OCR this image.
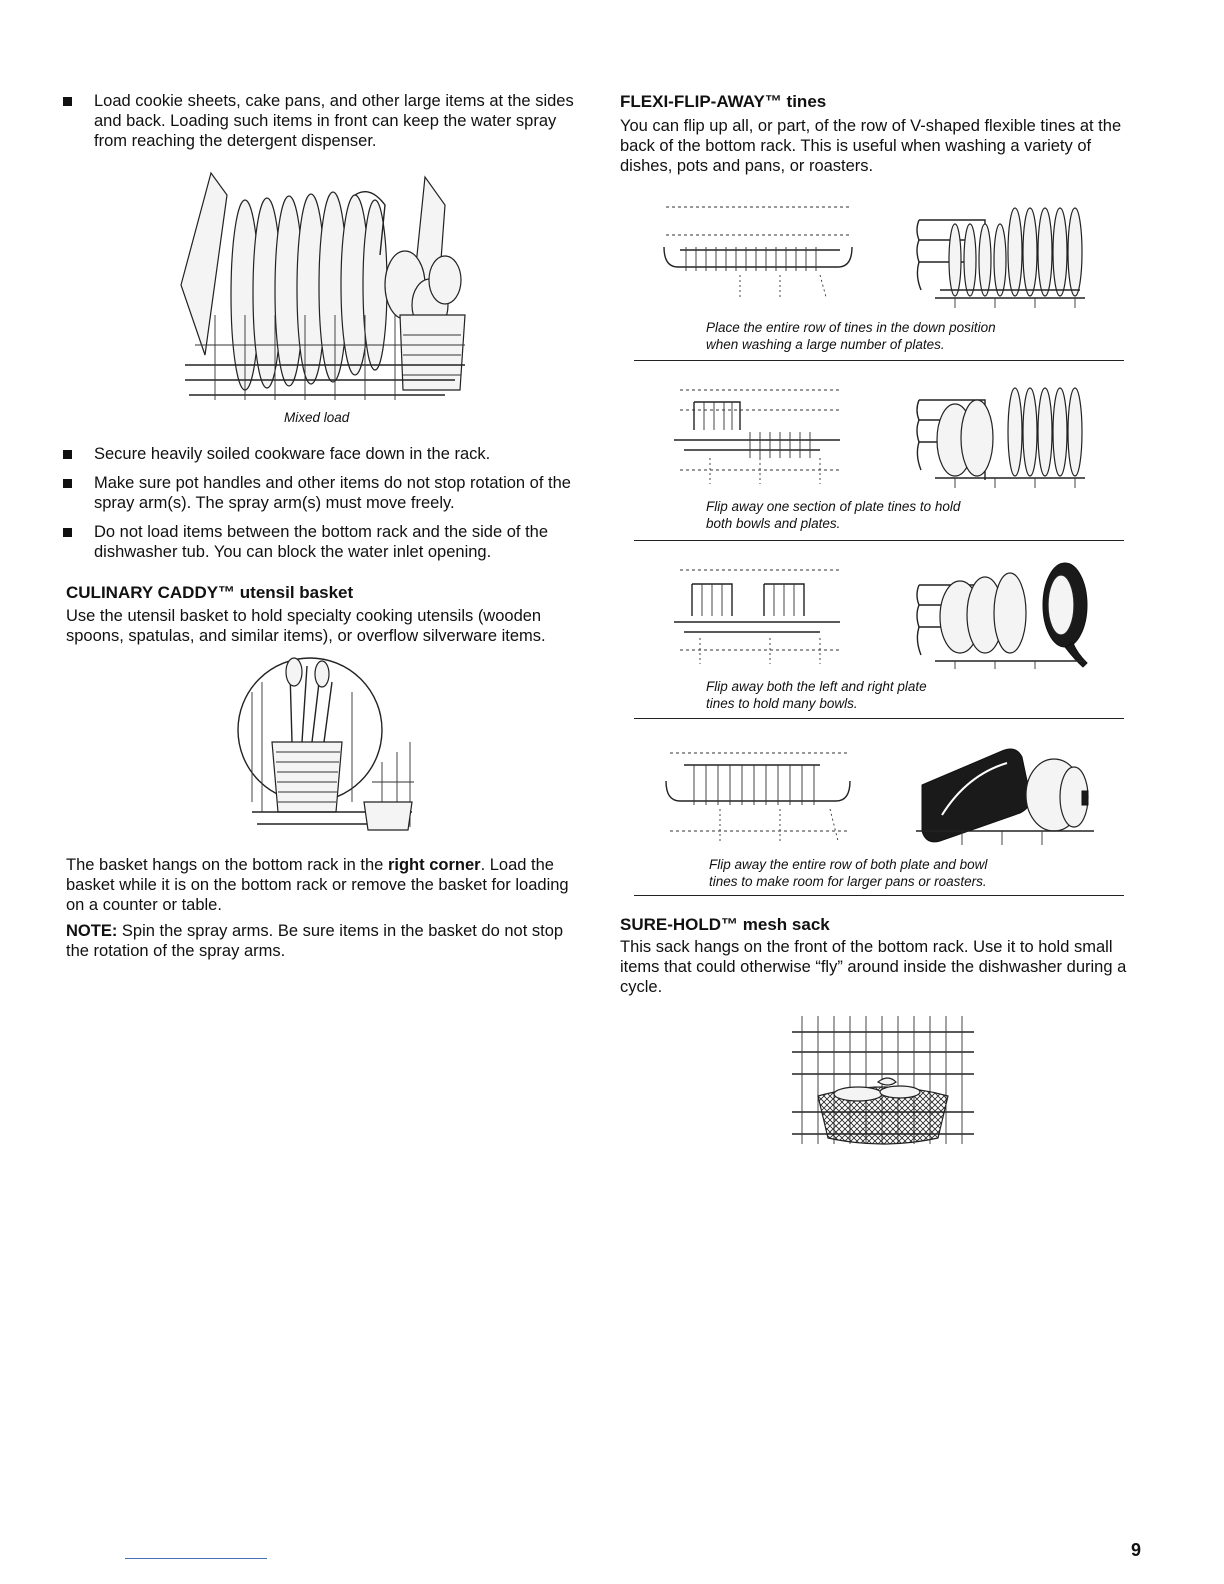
Load cookie sheets, cake pans, and other large items at the sides and back. Loading such items in front can keep the water spray from reaching the detergent dispenser.

Mixed load

Secure heavily soiled cookware face down in the rack.

Make sure pot handles and other items do not stop rotation of the spray arm(s). The spray arm(s) must move freely.

Do not load items between the bottom rack and the side of the dishwasher tub. You can block the water inlet opening.

CULINARY CADDY™ utensil basket

Use the utensil basket to hold specialty cooking utensils (wooden spoons, spatulas, and similar items), or overflow silverware items.

The basket hangs on the bottom rack in the right corner. Load the basket while it is on the bottom rack or remove the basket for loading on a counter or table.

NOTE: Spin the spray arms. Be sure items in the basket do not stop the rotation of the spray arms.

FLEXI-FLIP-AWAY™ tines

You can flip up all, or part, of the row of V-shaped flexible tines at the back of the bottom rack. This is useful when washing a variety of dishes, pots and pans, or roasters.

Place the entire row of tines in the down position

when washing a large number of plates.

Flip away one section of plate tines to hold

both bowls and plates.

Flip away both the left and right plate

tines to hold many bowls.

Flip away the entire row of both plate and bowl

tines to make room for larger pans or roasters.

SURE-HOLD™ mesh sack

This sack hangs on the front of the bottom rack. Use it to hold small items that could otherwise “fly” around inside the dishwasher during a cycle.

9
